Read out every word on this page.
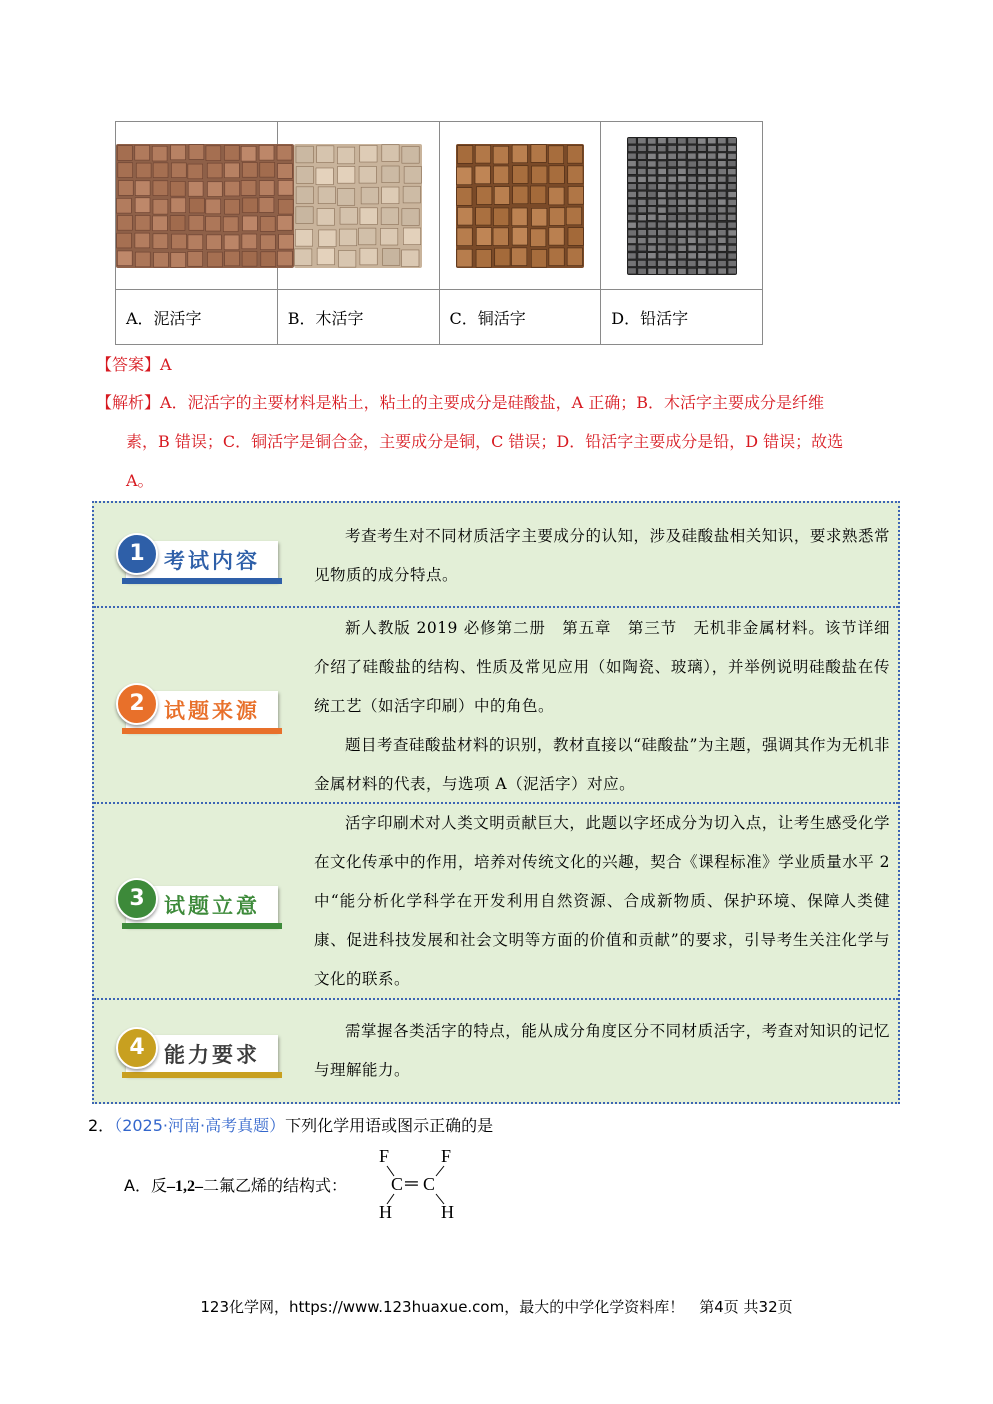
A．泥活字	B．木活字	C．铜活字	D．铅活字
【答案】A
【解析】A．泥活字的主要材料是粘土，粘土的主要成分是硅酸盐，A 正确；B．木活字主要成分是纤维
素，B 错误；C．铜活字是铜合金，主要成分是铜，C 错误；D．铅活字主要成分是铅，D 错误；故选
A。
1 考试内容

考查考生对不同材质活字主要成分的认知，涉及硅酸盐相关知识，要求熟悉常见物质的成分特点。

2 试题来源

新人教版 2019 必修第二册　第五章　第三节　无机非金属材料。该节详细介绍了硅酸盐的结构、性质及常见应用（如陶瓷、玻璃），并举例说明硅酸盐在传统工艺（如活字印刷）中的角色。

题目考查硅酸盐材料的识别，教材直接以“硅酸盐”为主题，强调其作为无机非金属材料的代表，与选项 A（泥活字）对应。

3 试题立意

活字印刷术对人类文明贡献巨大，此题以字坯成分为切入点，让考生感受化学在文化传承中的作用，培养对传统文化的兴趣，契合《课程标准》学业质量水平 2 中“能分析化学科学在开发利用自然资源、合成新物质、保护环境、保障人类健康、促进科技发展和社会文明等方面的价值和贡献”的要求，引导考生关注化学与文化的联系。

4 能力要求

需掌握各类活字的特点，能从成分角度区分不同材质活字，考查对知识的记忆与理解能力。

2．（2025·河南·高考真题）下列化学用语或图示正确的是
A．反–1,2–二氟乙烯的结构式：
F	F
C ═ C
H	H
123化学网，https://www.123huaxue.com，最大的中学化学资料库！　第4页 共32页
